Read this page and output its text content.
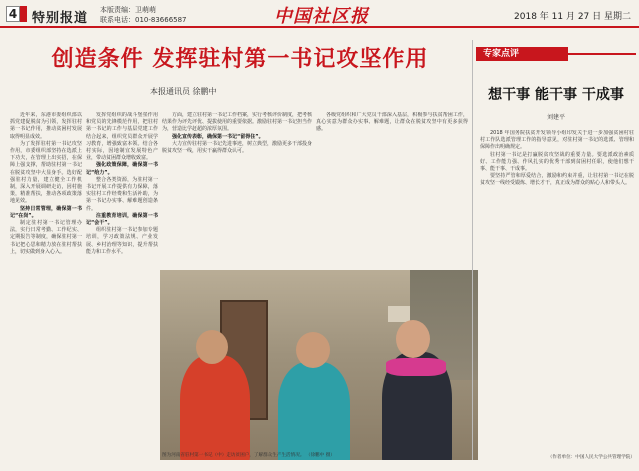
4 特别报道
本版责编：卫萌萌
联系电话：010-83666587	中国社区报	2018 年 11 月 27 日 星期二
创造条件 发挥驻村第一书记攻坚作用
本报通讯员 徐鹏中

近年来，东港市委组织部以抓党建促脱贫为引领，发挥驻村第一书记作用，推动贫困村发展取得明显成效。

为了发挥驻村第一书记攻坚作用，市委组织部坚持在选派上下功夫，在管理上出实招，在保障上强支撑，帮助驻村第一书记在脱贫攻坚中大显身手。选好配强驻村力量，建立健全工作机制，深入开展调研走访，因村施策，精准帮扶，推动各项政策落地见效。

坚持日常管理，确保第一书记“在岗”。

制定驻村第一书记管理办法，实行日常考勤、工作纪实、定期报告等制度，确保驻村第一书记把心思和精力放在驻村帮扶上，切实做到身入心入。

发挥党组织的战斗堡垒作用和党员的先锋模范作用，把驻村第一书记的工作与基层党建工作结合起来，组织党员群众开展学习教育，增强致富本领。结合各村实际，因地制宜发展特色产业，带动贫困群众增收致富。

强化政策保障，确保第一书记“给力”。

整合各类资源，为驻村第一书记开展工作提供有力保障，落实驻村工作经费和生活补助，为第一书记办实事、解难题创造条件。

注重教育培训，确保第一书记“会干”。

组织驻村第一书记参加专题培训，学习政策法规、产业发展、乡村治理等知识，提升帮扶能力和工作水平。

方面，建立驻村第一书记工作档案，实行考核评价制度，把考核结果作为评先评优、提拔使用的重要依据。激励驻村第一书记担当作为，营造比学赶超的浓厚氛围。

强化宣传表彰，确保第一书记“留得住”。

大力宣传驻村第一书记先进事迹，树立典型，激励更多干部投身脱贫攻坚一线，用实干赢得群众认可。

各级党组织和广大党员干部深入基层，积极参与扶贫帮困工作，真心实意为群众办实事、解难题，让群众在脱贫攻坚中有更多获得感。

图为河南省驻村第一书记（中）走访贫困户，了解群众生产生活情况。 （徐鹏中 摄）
专家点评
想干事 能干事 干成事
刘建平

2018 年国务院扶贫开发领导小组印发关于进一步加强贫困村驻村工作队选派管理工作的指导意见，对驻村第一书记的选派、管理和保障作出明确规定。

驻村第一书记是打赢脱贫攻坚战的重要力量。要选派政治素质好、工作能力强、作风扎实的优秀干部到贫困村任职，使他们想干事、能干事、干成事。

要坚持严管和厚爱结合，激励和约束并重，让驻村第一书记在脱贫攻坚一线经受锻炼、增长才干，真正成为群众的贴心人和带头人。

（作者单位：中国人民大学公共管理学院）
